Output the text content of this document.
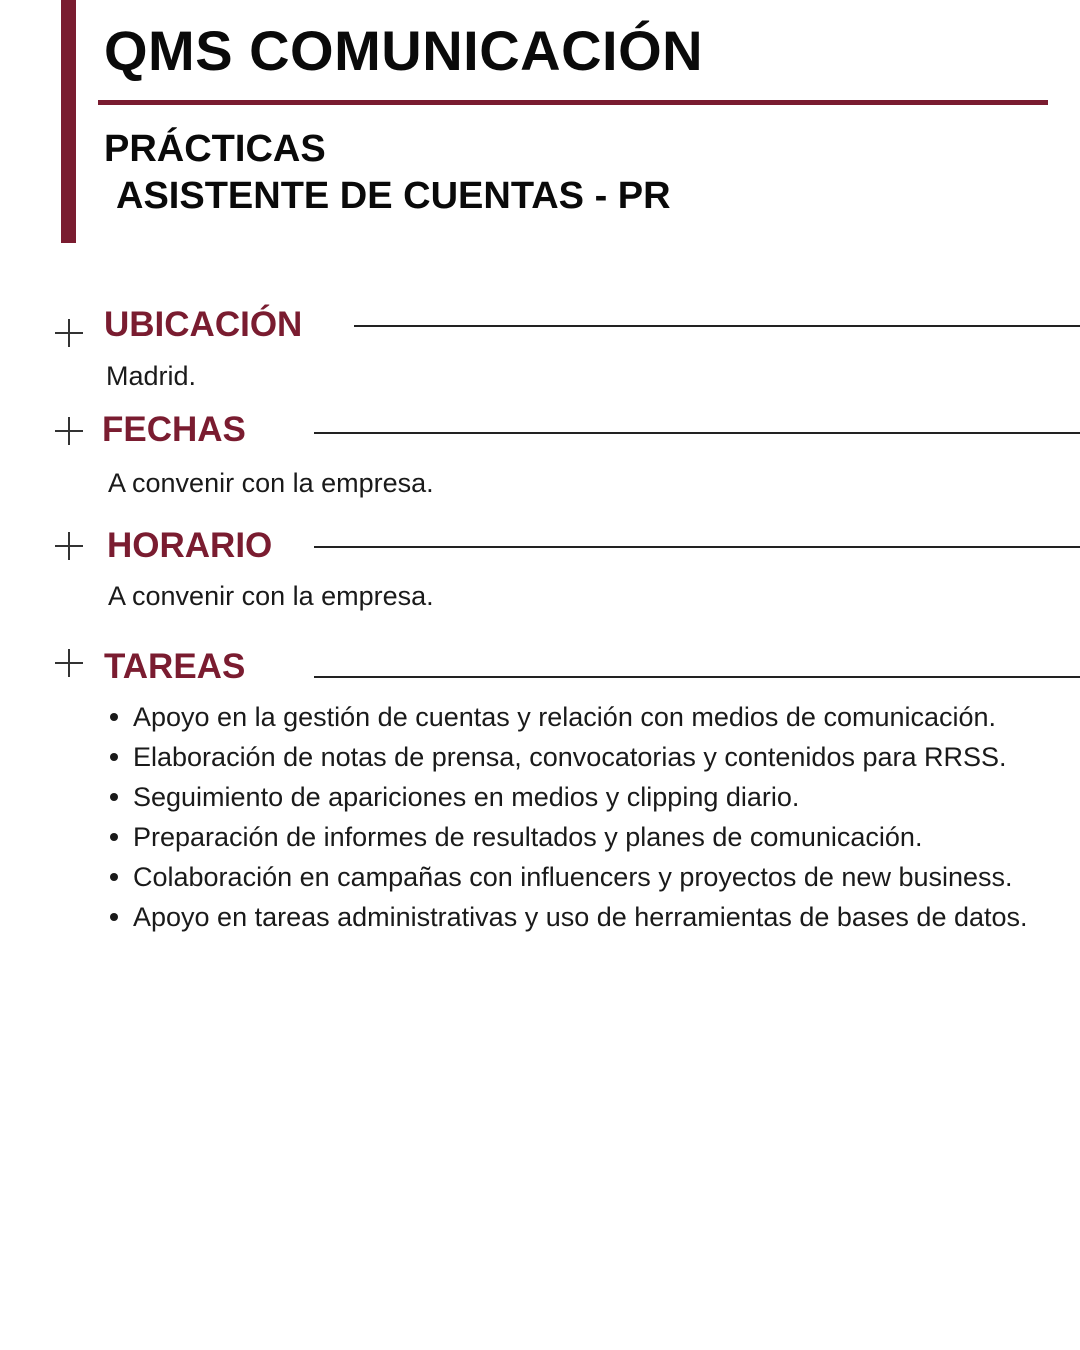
QMS COMUNICACIÓN
PRÁCTICAS
ASISTENTE DE CUENTAS - PR
UBICACIÓN
Madrid.
FECHAS
A convenir con la empresa.
HORARIO
A convenir con la empresa.
TAREAS
Apoyo en la gestión de cuentas y relación con medios de comunicación.
Elaboración de notas de prensa, convocatorias y contenidos para RRSS.
Seguimiento de apariciones en medios y clipping diario.
Preparación de informes de resultados y planes de comunicación.
Colaboración en campañas con influencers y proyectos de new business.
Apoyo en tareas administrativas y uso de herramientas de bases de datos.
